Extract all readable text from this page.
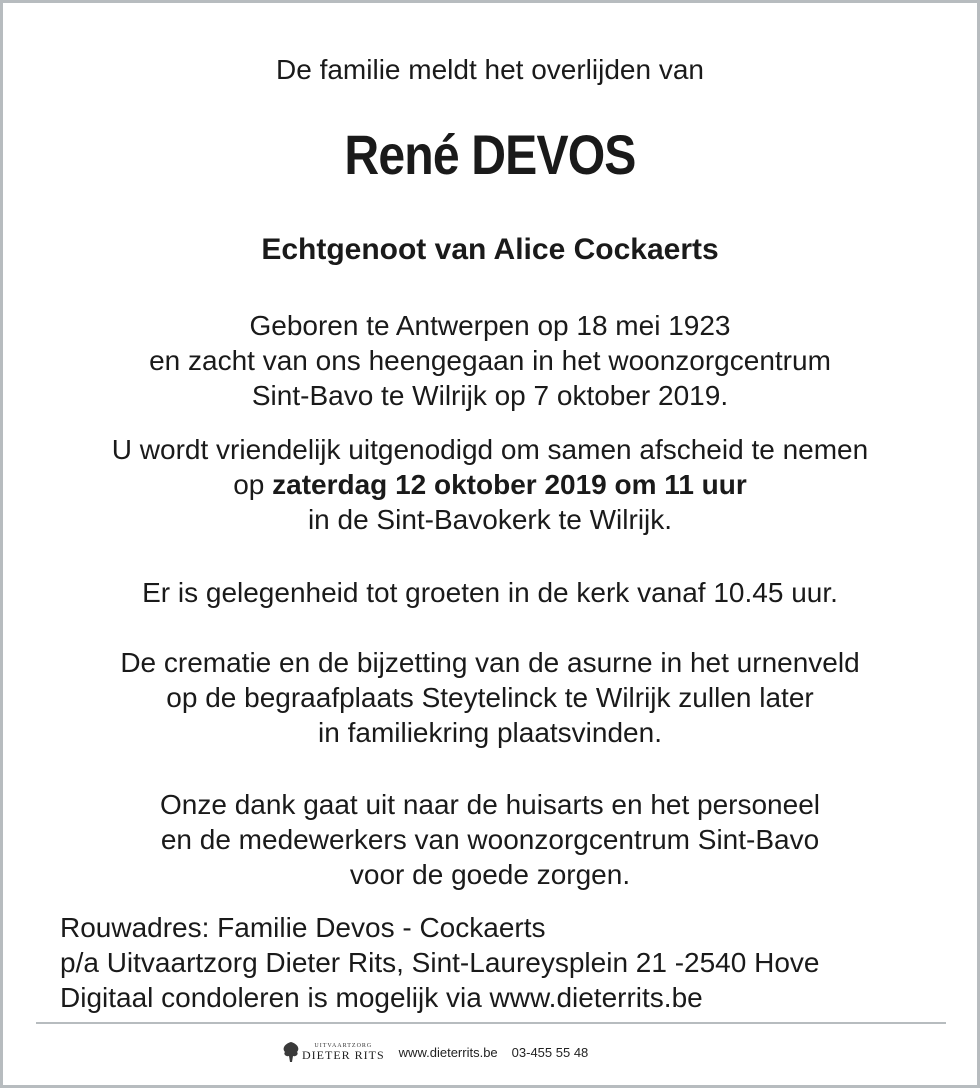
De familie meldt het overlijden van
René DEVOS
Echtgenoot van Alice Cockaerts
Geboren te Antwerpen op 18 mei 1923
en zacht van ons heengegaan in het woonzorgcentrum
Sint-Bavo te Wilrijk op 7 oktober 2019.
U wordt vriendelijk uitgenodigd om samen afscheid te nemen
op zaterdag 12 oktober 2019 om 11 uur
in de Sint-Bavokerk te Wilrijk.
Er is gelegenheid tot groeten in de kerk vanaf 10.45 uur.
De crematie en de bijzetting van de asurne in het urnenveld
op de begraafplaats Steytelinck te Wilrijk zullen later
in familiekring plaatsvinden.
Onze dank gaat uit naar de huisarts en het personeel
en de medewerkers van woonzorgcentrum Sint-Bavo
voor de goede zorgen.
Rouwadres: Familie Devos - Cockaerts
p/a Uitvaartzorg Dieter Rits, Sint-Laureysplein 21 -2540 Hove
Digitaal condoleren is mogelijk via www.dieterrits.be
UITVAARTZORG
DIETER RITS www.dieterrits.be 03-455 55 48
